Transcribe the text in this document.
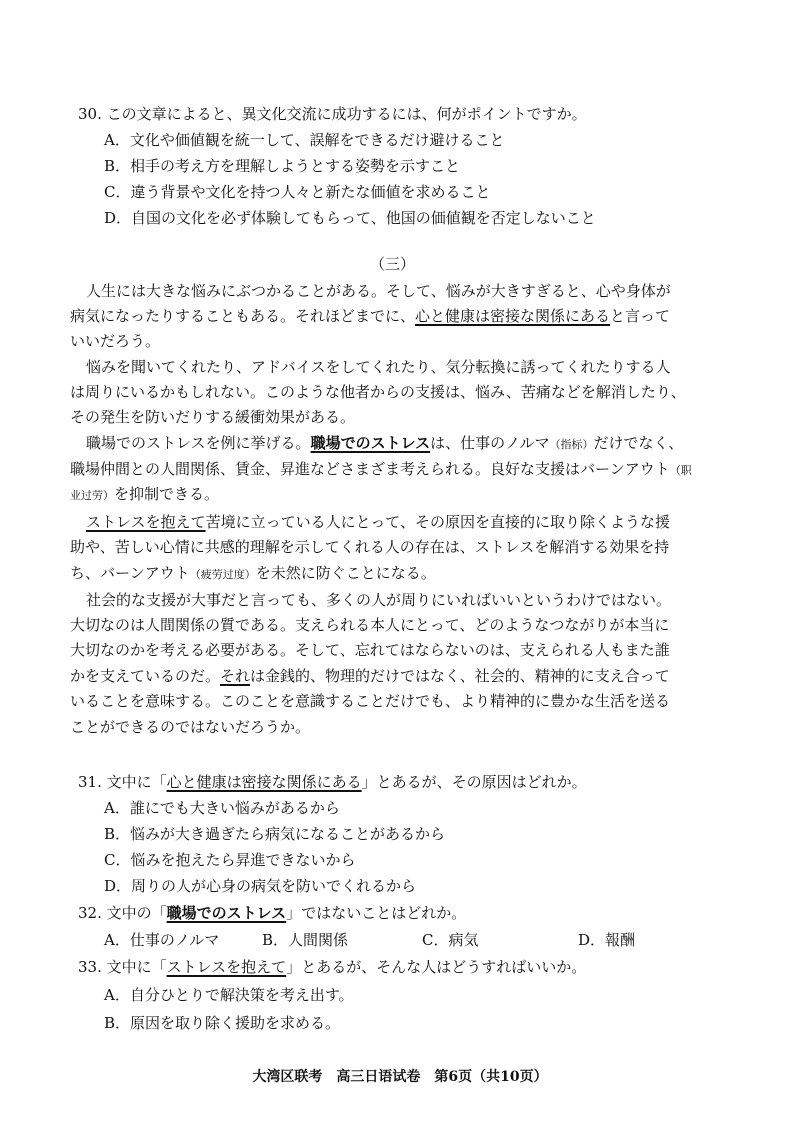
30. この文章によると、異文化交流に成功するには、何がポイントですか。
A．文化や価値観を統一して、誤解をできるだけ避けること
B．相手の考え方を理解しようとする姿勢を示すこと
C．違う背景や文化を持つ人々と新たな価値を求めること
D．自国の文化を必ず体験してもらって、他国の価値観を否定しないこと
（三）
人生には大きな悩みにぶつかることがある。そして、悩みが大きすぎると、心や身体が
病気になったりすることもある。それほどまでに、心と健康は密接な関係にあると言って
いいだろう。
悩みを聞いてくれたり、アドバイスをしてくれたり、気分転換に誘ってくれたりする人
は周りにいるかもしれない。このような他者からの支援は、悩み、苦痛などを解消したり、
その発生を防いだりする緩衝効果がある。
職場でのストレスを例に挙げる。職場でのストレスは、仕事のノルマ（指标）だけでなく、
職場仲間との人間関係、賃金、昇進などさまざま考えられる。良好な支援はバーンアウト（职
业过劳）を抑制できる。
ストレスを抱えて苦境に立っている人にとって、その原因を直接的に取り除くような援
助や、苦しい心情に共感的理解を示してくれる人の存在は、ストレスを解消する効果を持
ち、バーンアウト（疲劳过度）を未然に防ぐことになる。
社会的な支援が大事だと言っても、多くの人が周りにいればいいというわけではない。
大切なのは人間関係の質である。支えられる本人にとって、どのようなつながりが本当に
大切なのかを考える必要がある。そして、忘れてはならないのは、支えられる人もまた誰
かを支えているのだ。それは金銭的、物理的だけではなく、社会的、精神的に支え合って
いることを意味する。このことを意識することだけでも、より精神的に豊かな生活を送る
ことができるのではないだろうか。
31. 文中に「心と健康は密接な関係にある」とあるが、その原因はどれか。
A．誰にでも大きい悩みがあるから
B．悩みが大き過ぎたら病気になることがあるから
C．悩みを抱えたら昇進できないから
D．周りの人が心身の病気を防いでくれるから
32. 文中の「職場でのストレス」ではないことはどれか。
A．仕事のノルマ	B．人間関係	C．病気	D．報酬
33. 文中に「ストレスを抱えて」とあるが、そんな人はどうすればいいか。
A．自分ひとりで解決策を考え出す。
B．原因を取り除く援助を求める。
大湾区联考　高三日语试卷　第6页（共10页）
